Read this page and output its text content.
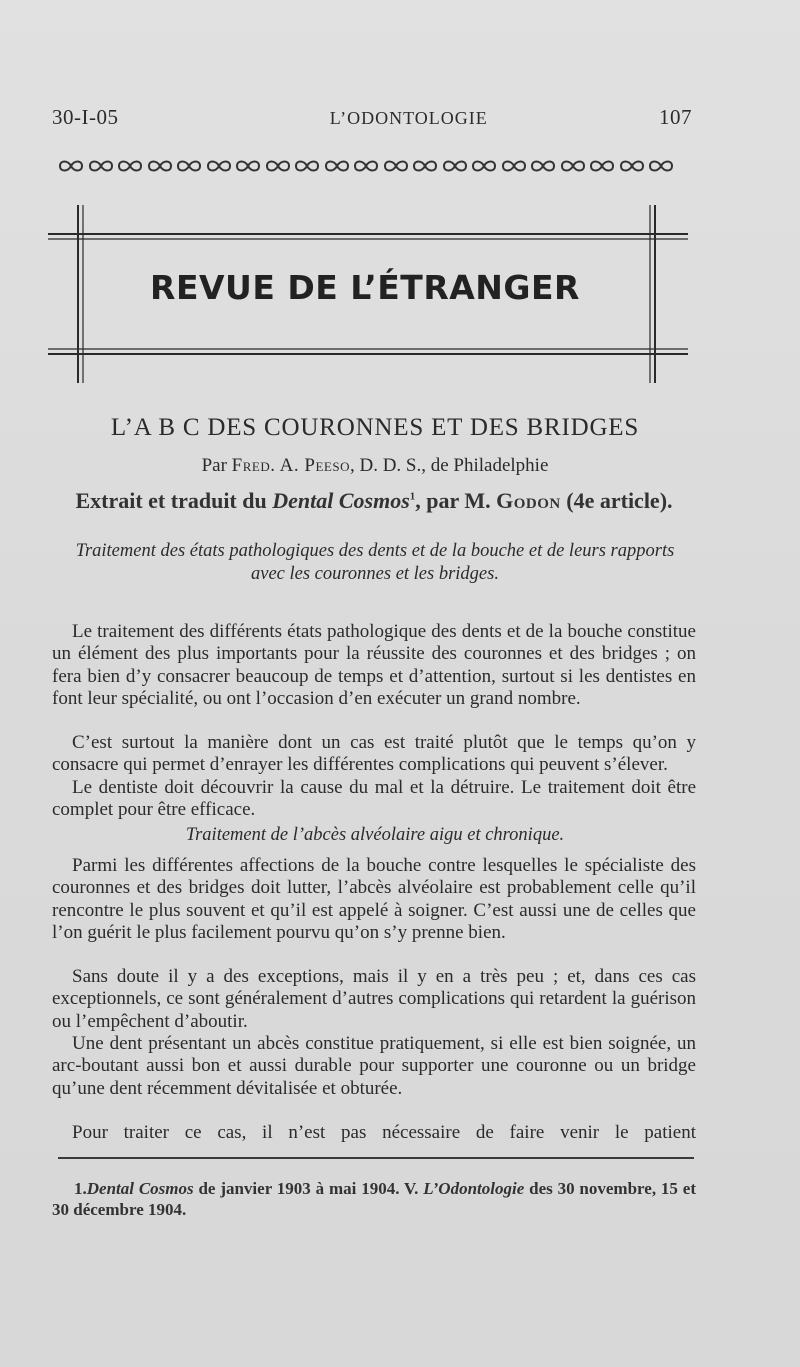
30-I-05	L’ODONTOLOGIE	107
REVUE DE L’ÉTRANGER
L’A B C DES COURONNES ET DES BRIDGES
Par Fred. A. Peeso, D. D. S., de Philadelphie
Extrait et traduit du Dental Cosmos$^1$, par M. Godon (4e article).
Traitement des états pathologiques des dents et de la bouche et de leurs rapports avec les couronnes et les bridges.

Le traitement des différents états pathologique des dents et de la bouche constitue un élément des plus importants pour la réussite des couronnes et des bridges ; on fera bien d’y consacrer beaucoup de temps et d’attention, surtout si les dentistes en font leur spécialité, ou ont l’occasion d’en exécuter un grand nombre.

C’est surtout la manière dont un cas est traité plutôt que le temps qu’on y consacre qui permet d’enrayer les différentes complications qui peuvent s’élever.

Le dentiste doit découvrir la cause du mal et la détruire. Le traitement doit être complet pour être efficace.

Traitement de l’abcès alvéolaire aigu et chronique.

Parmi les différentes affections de la bouche contre lesquelles le spécialiste des couronnes et des bridges doit lutter, l’abcès alvéolaire est probablement celle qu’il rencontre le plus souvent et qu’il est appelé à soigner. C’est aussi une de celles que l’on guérit le plus facilement pourvu qu’on s’y prenne bien.

Sans doute il y a des exceptions, mais il y en a très peu ; et, dans ces cas exceptionnels, ce sont généralement d’autres complications qui retardent la guérison ou l’empêchent d’aboutir.

Une dent présentant un abcès constitue pratiquement, si elle est bien soignée, un arc-boutant aussi bon et aussi durable pour supporter une couronne ou un bridge qu’une dent récemment dévitalisée et obturée.

Pour traiter ce cas, il n’est pas nécessaire de faire venir le patient

1.Dental Cosmos de janvier 1903 à mai 1904. V. L’Odontologie des 30 novembre, 15 et 30 décembre 1904.
